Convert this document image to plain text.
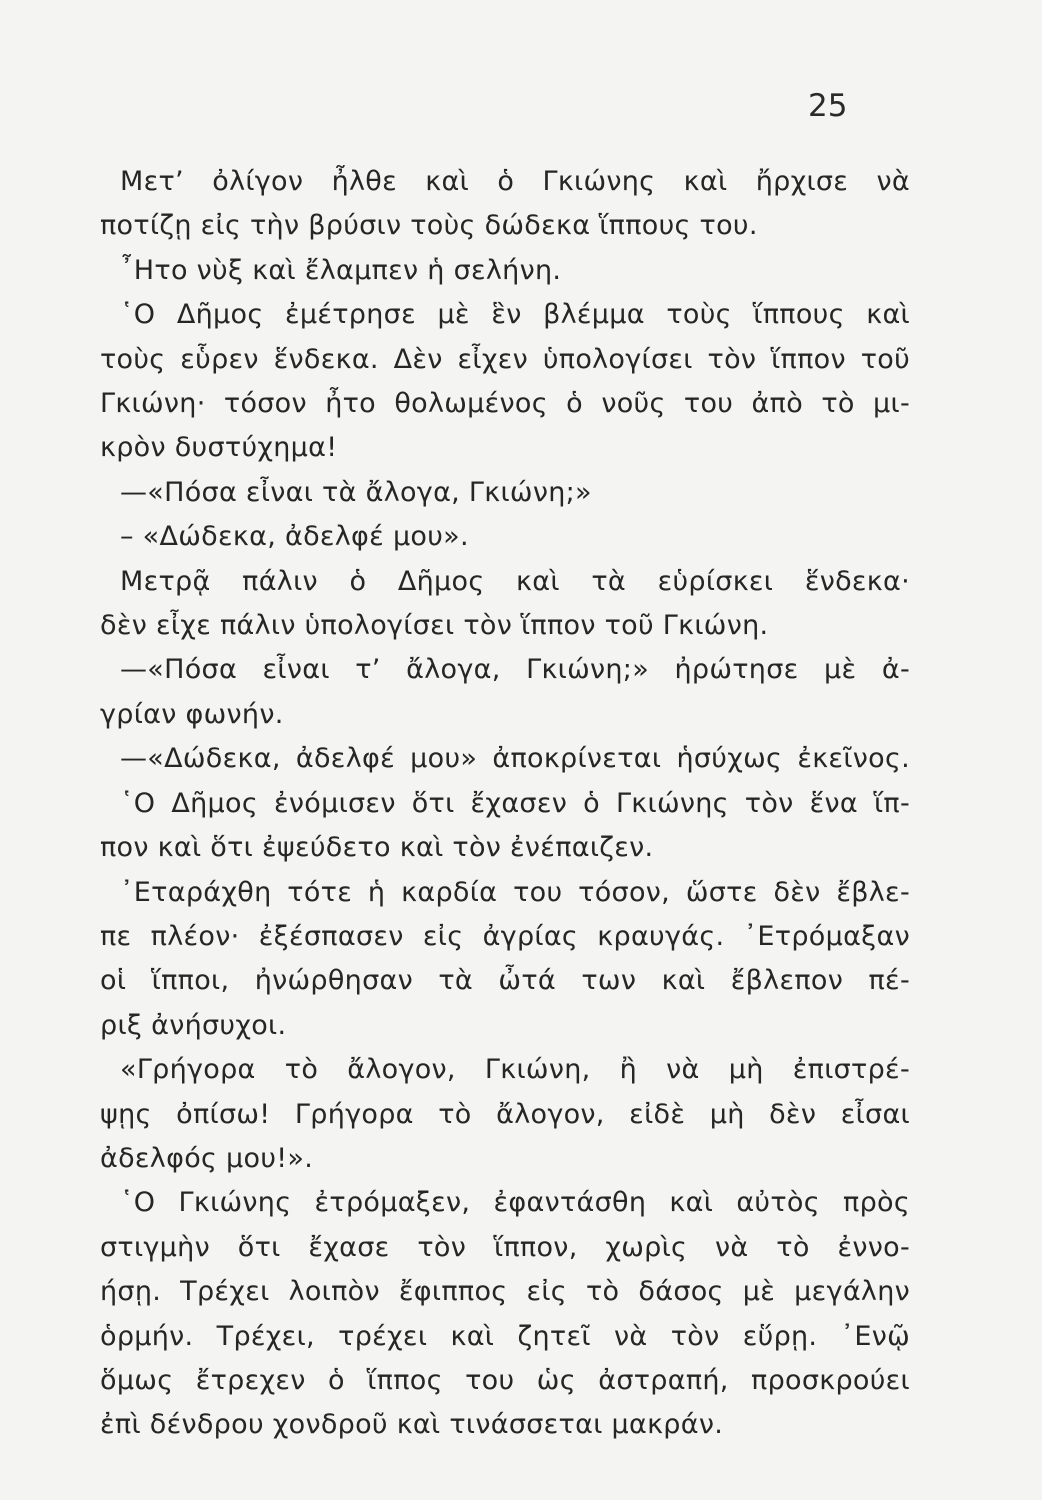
25
Μετ’ ὀλίγον ἦλθε καὶ ὁ Γκιώνης καὶ ἤρχισε νὰ
ποτίζῃ εἰς τὴν βρύσιν τοὺς δώδεκα ἵππους του.
῏Ητο νὺξ καὶ ἔλαμπεν ἡ σελήνη.
῾Ο Δῆμος ἐμέτρησε μὲ ἓν βλέμμα τοὺς ἵππους καὶ
τοὺς εὗρεν ἕνδεκα. Δὲν εἶχεν ὑπολογίσει τὸν ἵππον τοῦ
Γκιώνη· τόσον ἦτο θολωμένος ὁ νοῦς του ἀπὸ τὸ μι-
κρὸν δυστύχημα!
—«Πόσα εἶναι τὰ ἄλογα, Γκιώνη;»
– «Δώδεκα, ἀδελφέ μου».
Μετρᾷ πάλιν ὁ Δῆμος καὶ τὰ εὑρίσκει ἕνδεκα·
δὲν εἶχε πάλιν ὑπολογίσει τὸν ἵππον τοῦ Γκιώνη.
—«Πόσα εἶναι τ’ ἄλογα, Γκιώνη;» ἠρώτησε μὲ ἀ-
γρίαν φωνήν.
—«Δώδεκα, ἀδελφέ μου» ἀποκρίνεται ἡσύχως ἐκεῖνος.
῾Ο Δῆμος ἐνόμισεν ὅτι ἔχασεν ὁ Γκιώνης τὸν ἕνα ἵπ-
πον καὶ ὅτι ἐψεύδετο καὶ τὸν ἐνέπαιζεν.
᾿Εταράχθη τότε ἡ καρδία του τόσον, ὥστε δὲν ἔβλε-
πε πλέον· ἐξέσπασεν εἰς ἀγρίας κραυγάς. ᾿Ετρόμαξαν
οἱ ἵπποι, ἠνώρθησαν τὰ ὦτά των καὶ ἔβλεπον πέ-
ριξ ἀνήσυχοι.
«Γρήγορα τὸ ἄλογον, Γκιώνη, ἢ νὰ μὴ ἐπιστρέ-
ψῃς ὀπίσω! Γρήγορα τὸ ἄλογον, εἰδὲ μὴ δὲν εἶσαι
ἀδελφός μου!».
῾Ο Γκιώνης ἐτρόμαξεν, ἐφαντάσθη καὶ αὐτὸς πρὸς
στιγμὴν ὅτι ἔχασε τὸν ἵππον, χωρὶς νὰ τὸ ἐννο-
ήσῃ. Τρέχει λοιπὸν ἔφιππος εἰς τὸ δάσος μὲ μεγάλην
ὁρμήν. Τρέχει, τρέχει καὶ ζητεῖ νὰ τὸν εὕρῃ. ᾿Ενῷ
ὅμως ἔτρεχεν ὁ ἵππος του ὡς ἀστραπή, προσκρούει
ἐπὶ δένδρου χονδροῦ καὶ τινάσσεται μακράν.
